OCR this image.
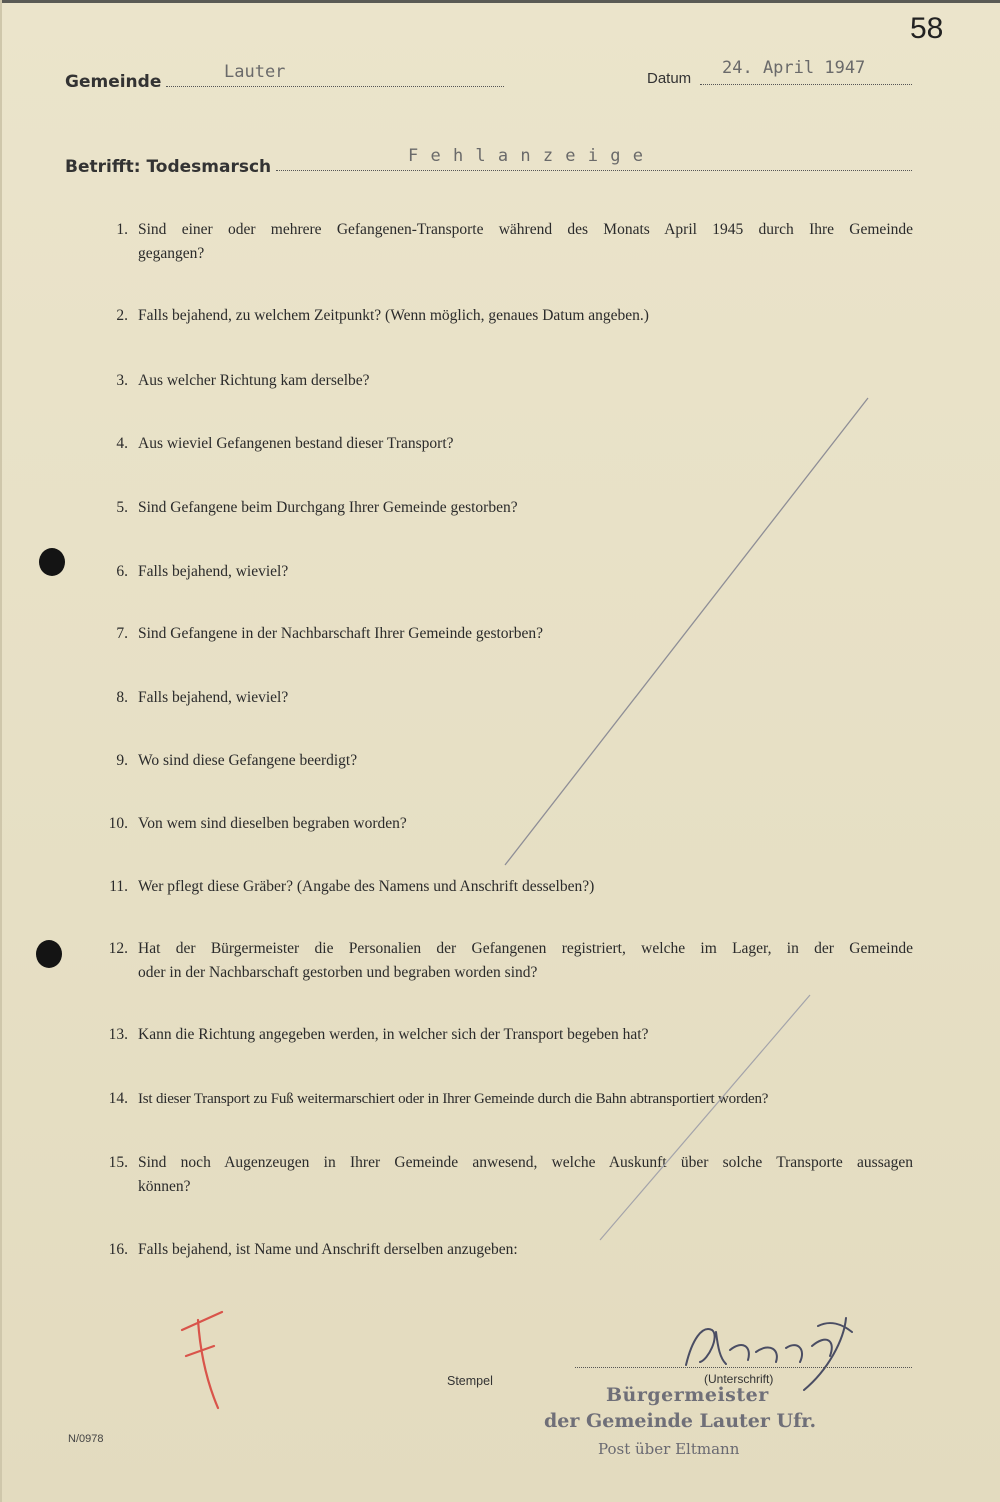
58
Gemeinde	Lauter	Datum
24. April 1947
Betrifft: Todesmarsch
F e h l a n z e i g e
1. Sind einer oder mehrere Gefangenen-Transporte während des Monats April 1945 durch Ihre Gemeinde
gegangen?
2. Falls bejahend, zu welchem Zeitpunkt? (Wenn möglich, genaues Datum angeben.)
3. Aus welcher Richtung kam derselbe?
4. Aus wieviel Gefangenen bestand dieser Transport?
5. Sind Gefangene beim Durchgang Ihrer Gemeinde gestorben?
6. Falls bejahend, wieviel?
7. Sind Gefangene in der Nachbarschaft Ihrer Gemeinde gestorben?
8. Falls bejahend, wieviel?
9. Wo sind diese Gefangene beerdigt?
10. Von wem sind dieselben begraben worden?
11. Wer pflegt diese Gräber? (Angabe des Namens und Anschrift desselben?)
12. Hat der Bürgermeister die Personalien der Gefangenen registriert, welche im Lager, in der Gemeinde
oder in der Nachbarschaft gestorben und begraben worden sind?
13. Kann die Richtung angegeben werden, in welcher sich der Transport begeben hat?
14. Ist dieser Transport zu Fuß weitermarschiert oder in Ihrer Gemeinde durch die Bahn abtransportiert worden?
15. Sind noch Augenzeugen in Ihrer Gemeinde anwesend, welche Auskunft über solche Transporte aussagen
können?
16. Falls bejahend, ist Name und Anschrift derselben anzugeben:
Stempel	(Unterschrift)
Bürgermeister
der Gemeinde Lauter Ufr.
Post über Eltmann
N/0978
